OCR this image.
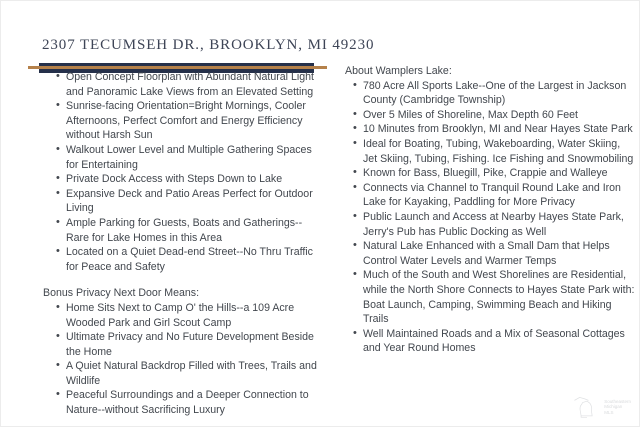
2307 TECUMSEH DR., BROOKLYN, MI 49230
• Open Concept Floorplan with Abundant Natural Light and Panoramic Lake Views from an Elevated Setting
• Sunrise-facing Orientation=Bright Mornings, Cooler Afternoons, Perfect Comfort and Energy Efficiency without Harsh Sun
• Walkout Lower Level and Multiple Gathering Spaces for Entertaining
• Private Dock Access with Steps Down to Lake
• Expansive Deck and Patio Areas Perfect for Outdoor Living
• Ample Parking for Guests, Boats and Gatherings--Rare for Lake Homes in this Area
• Located on a Quiet Dead-end Street--No Thru Traffic for Peace and Safety

Bonus Privacy Next Door Means:

• Home Sits Next to Camp O' the Hills--a 109 Acre Wooded Park and Girl Scout Camp
• Ultimate Privacy and No Future Development Beside the Home
• A Quiet Natural Backdrop Filled with Trees, Trails and Wildlife
• Peaceful Surroundings and a Deeper Connection to Nature--without Sacrificing Luxury

About Wamplers Lake:

• 780 Acre All Sports Lake--One of the Largest in Jackson County (Cambridge Township)
• Over 5 Miles of Shoreline, Max Depth 60 Feet
• 10 Minutes from Brooklyn, MI and Near Hayes State Park
• Ideal for Boating, Tubing, Wakeboarding, Water Skiing, Jet Skiing, Tubing, Fishing. Ice Fishing and Snowmobiling
• Known for Bass, Bluegill, Pike, Crappie and Walleye
• Connects via Channel to Tranquil Round Lake and Iron Lake for Kayaking, Paddling for More Privacy
• Public Launch and Access at Nearby Hayes State Park, Jerry's Pub has Public Docking as Well
• Natural Lake Enhanced with a Small Dam that Helps Control Water Levels and Warmer Temps
• Much of the South and West Shorelines are Residential, while the North Shore Connects to Hayes State Park with: Boat Launch, Camping, Swimming Beach and Hiking Trails
• Well Maintained Roads and a Mix of Seasonal Cottages and Year Round Homes
Southeastern
Michigan
MLS
